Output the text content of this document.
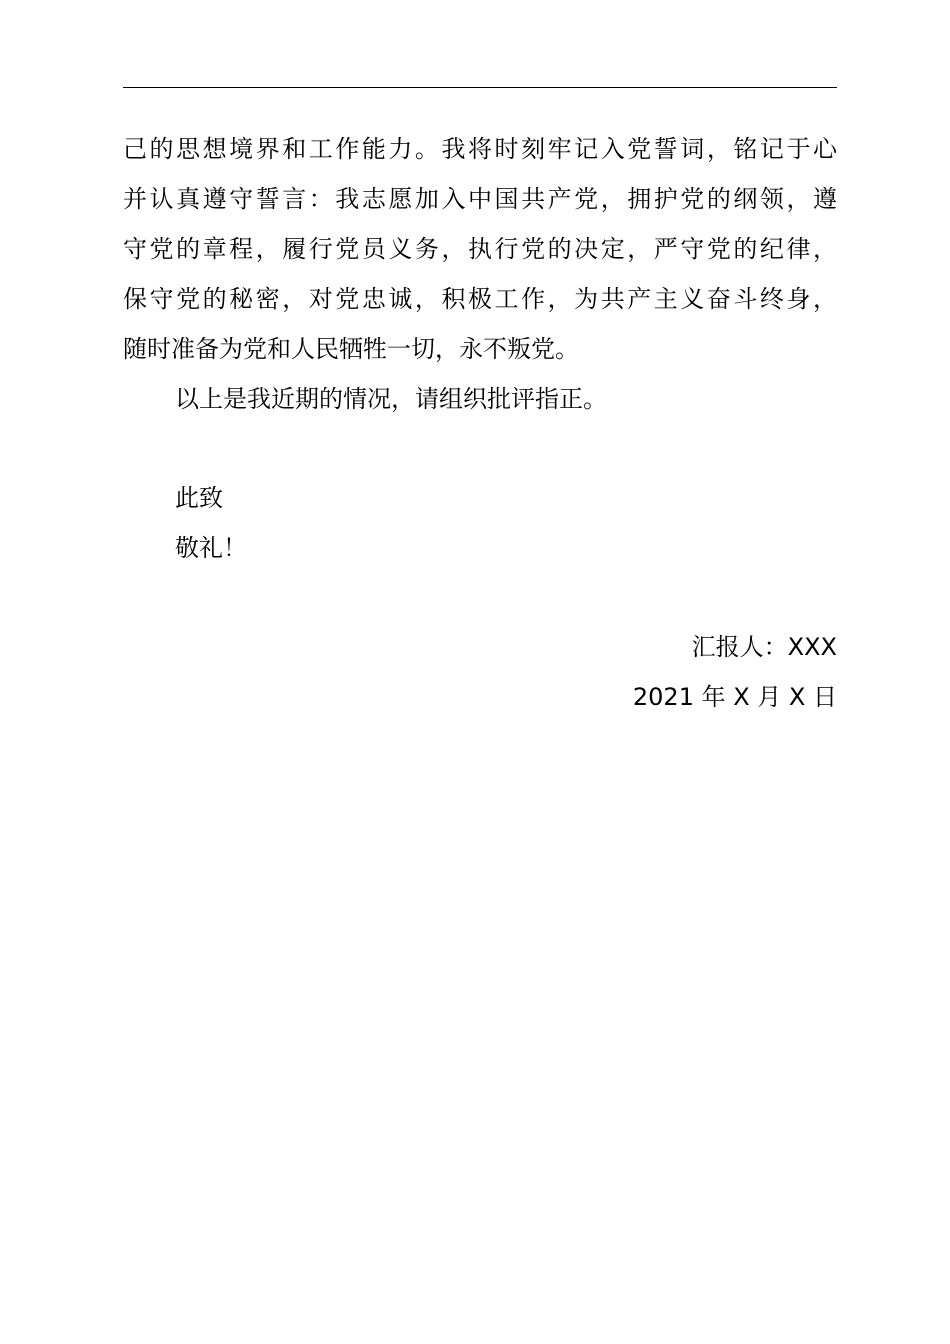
己的思想境界和工作能力。我将时刻牢记入党誓词，铭记于心
并认真遵守誓言：我志愿加入中国共产党，拥护党的纲领，遵
守党的章程，履行党员义务，执行党的决定，严守党的纪律，
保守党的秘密，对党忠诚，积极工作，为共产主义奋斗终身，
随时准备为党和人民牺牲一切，永不叛党。
以上是我近期的情况，请组织批评指正。
此致
敬礼！
汇报人：XXX
2021 年 X 月 X 日
